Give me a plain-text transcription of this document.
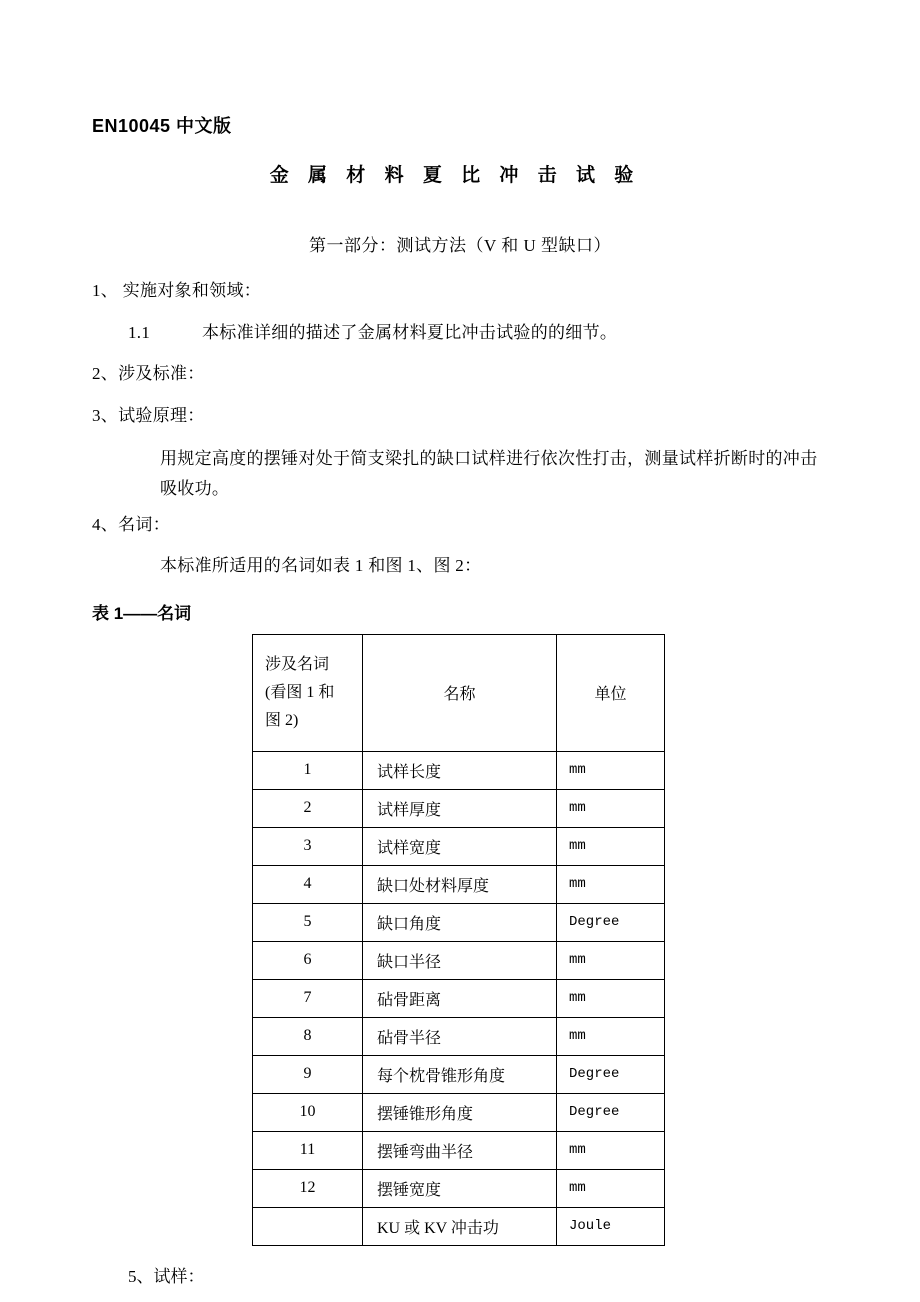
EN10045 中文版
金 属 材 料 夏 比 冲 击 试 验
第一部分：测试方法（V 和 U 型缺口）

1、 实施对象和领域：

1.1	本标准详细的描述了金属材料夏比冲击试验的的细节。

2、涉及标准：

3、试验原理：

用规定高度的摆锤对处于简支梁扎的缺口试样进行依次性打击，测量试样折断时的冲击吸收功。

4、名词：

本标准所适用的名词如表 1 和图 1、图 2：

表 1——名词
涉及名词
(看图 1 和
图 2)	名称	单位
1	试样长度	mm
2	试样厚度	mm
3	试样宽度	mm
4	缺口处材料厚度	mm
5	缺口角度	Degree
6	缺口半径	mm
7	砧骨距离	mm
8	砧骨半径	mm
9	每个枕骨锥形角度	Degree
10	摆锤锥形角度	Degree
11	摆锤弯曲半径	mm
12	摆锤宽度	mm
	KU 或 KV 冲击功	Joule

5、试样：
